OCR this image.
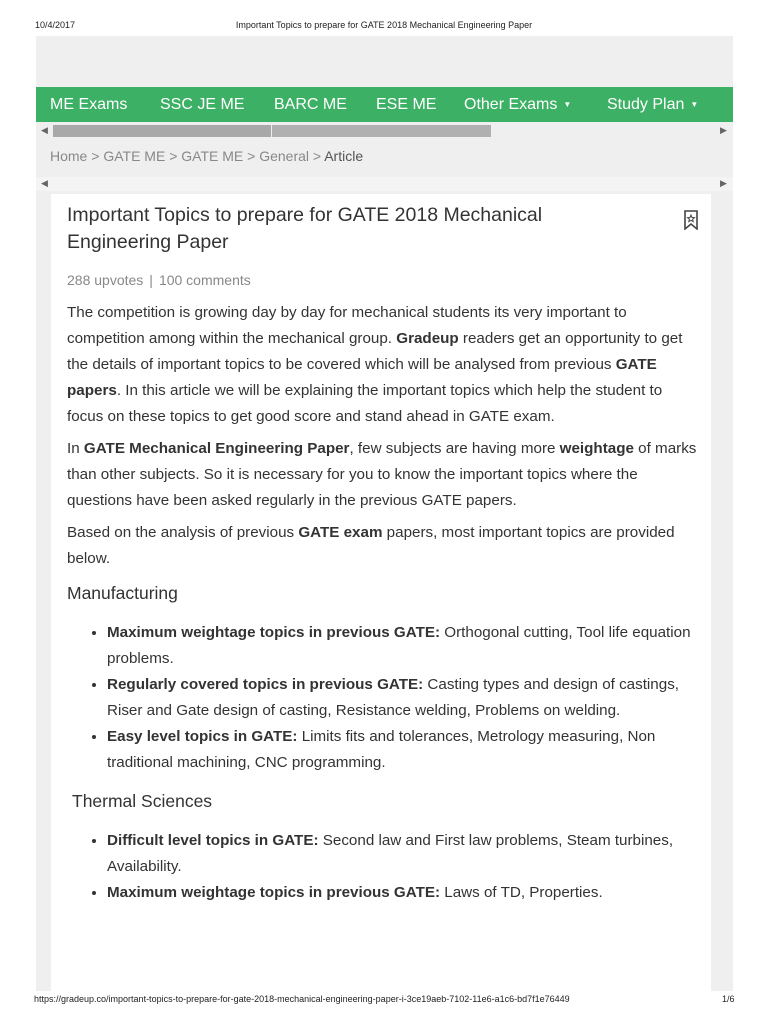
10/4/2017	Important Topics to prepare for GATE 2018 Mechanical Engineering Paper
ME Exams SSC JE ME BARC ME ESE ME Other Exams ▼ Study Plan ▼
◀	▶
Home > GATE ME > GATE ME > General > Article
◀	▶
Important Topics to prepare for GATE 2018 Mechanical Engineering Paper
288 upvotes | 100 comments

The competition is growing day by day for mechanical students its very important to competition among within the mechanical group. Gradeup readers get an opportunity to get the details of important topics to be covered which will be analysed from previous GATE papers. In this article we will be explaining the important topics which help the student to focus on these topics to get good score and stand ahead in GATE exam.

In GATE Mechanical Engineering Paper, few subjects are having more weightage of marks than other subjects. So it is necessary for you to know the important topics where the questions have been asked regularly in the previous GATE papers.

Based on the analysis of previous GATE exam papers, most important topics are provided below.

Manufacturing
• Maximum weightage topics in previous GATE: Orthogonal cutting, Tool life equation problems.
• Regularly covered topics in previous GATE: Casting types and design of castings, Riser and Gate design of casting, Resistance welding, Problems on welding.
• Easy level topics in GATE: Limits fits and tolerances, Metrology measuring, Non traditional machining, CNC programming.
Thermal Sciences
• Difficult level topics in GATE: Second law and First law problems, Steam turbines, Availability.
• Maximum weightage topics in previous GATE: Laws of TD, Properties.
https://gradeup.co/important-topics-to-prepare-for-gate-2018-mechanical-engineering-paper-i-3ce19aeb-7102-11e6-a1c6-bd7f1e76449	1/6
